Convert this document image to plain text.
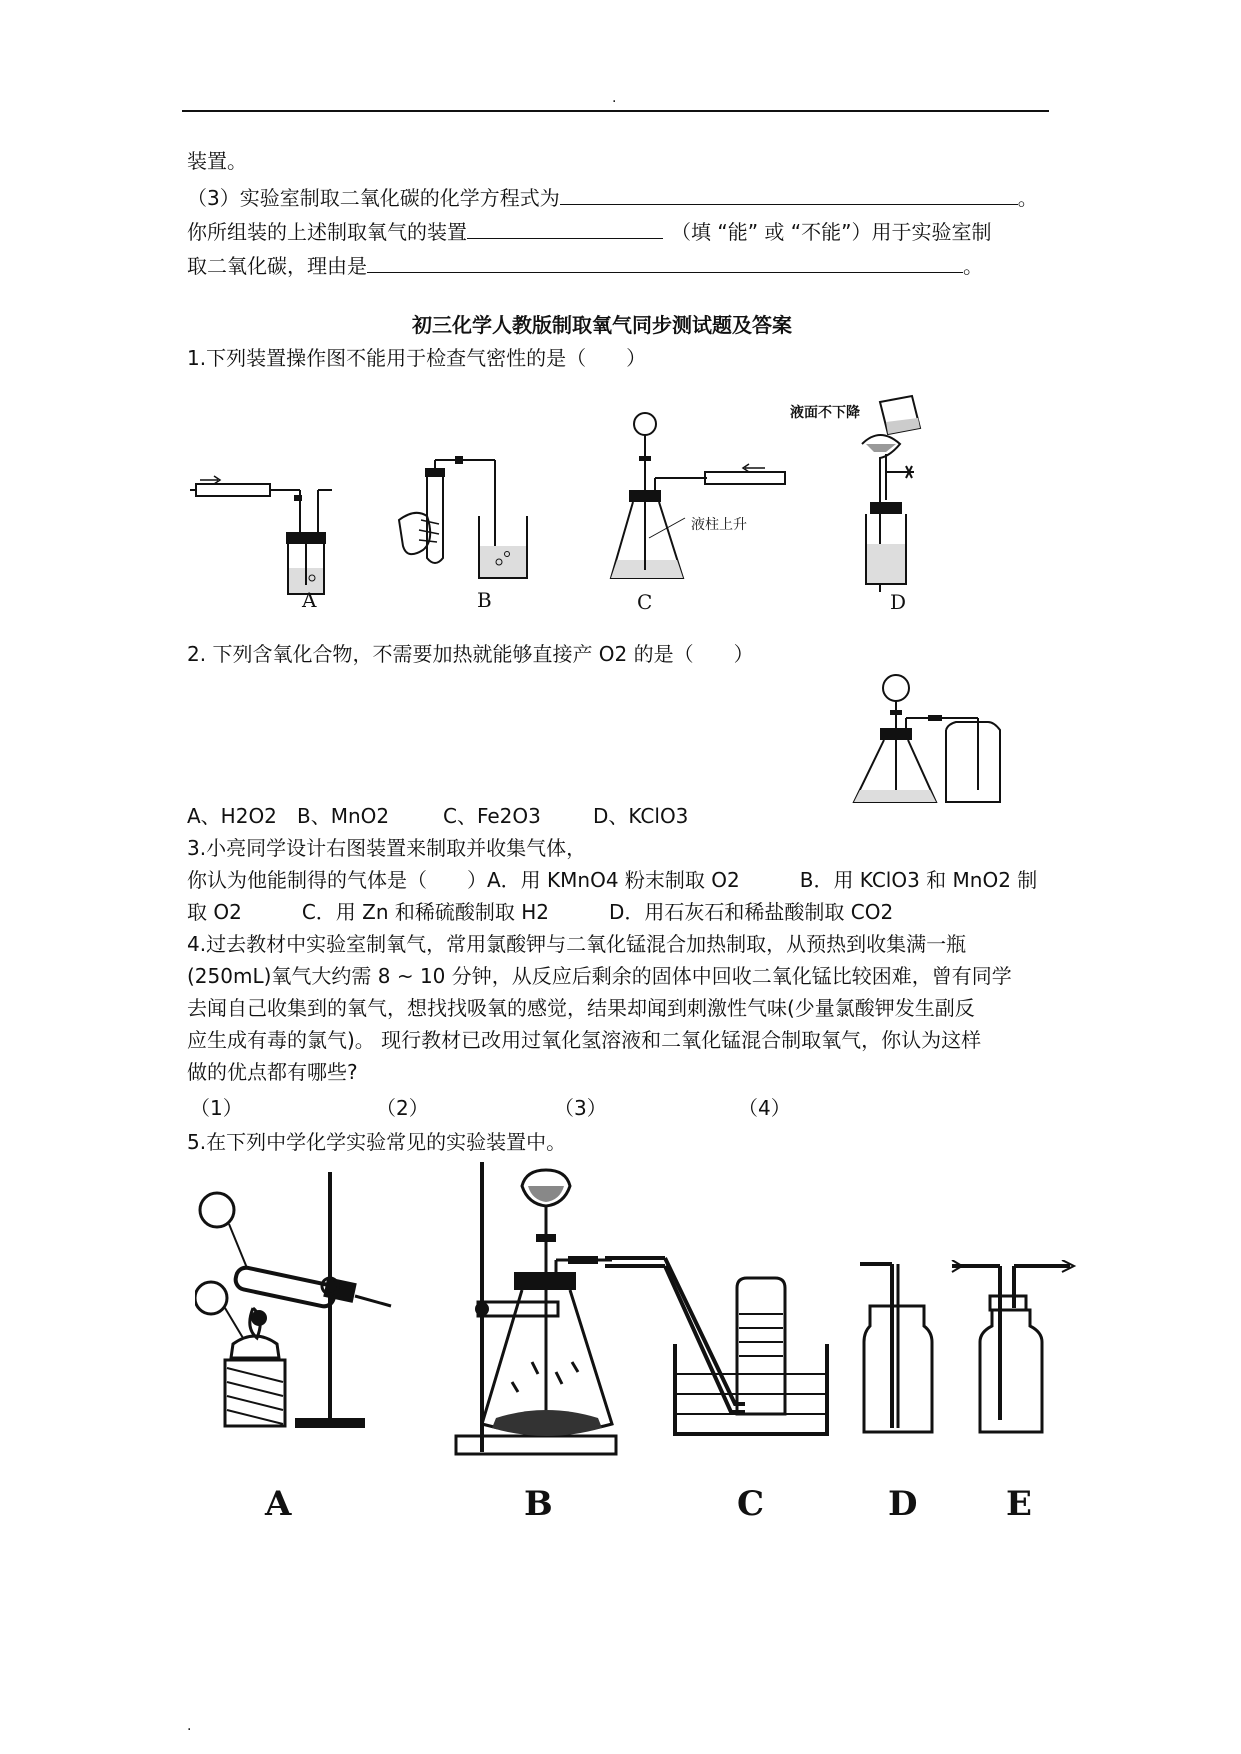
.
装置。
（3）实验室制取二氧化碳的化学方程式为	。
你所组装的上述制取氧气的装置	（填 “能” 或 “不能”）用于实验室制
取二氧化碳，理由是	。
初三化学人教版制取氧气同步测试题及答案
1.下列装置操作图不能用于检查气密性的是（　　）
A	B
液柱上升
C
液面不下降
D
2. 下列含氧化合物，不需要加热就能够直接产 O2 的是（　　）
A、H2O2 B、MnO2	C、Fe2O3	D、KClO3
3.小亮同学设计右图装置来制取并收集气体，
你认为他能制得的气体是（　　）A．用 KMnO4 粉末制取 O2　　　B．用 KClO3 和 MnO2 制
取 O2　　　C．用 Zn 和稀硫酸制取 H2　　　D．用石灰石和稀盐酸制取 CO2
4.过去教材中实验室制氧气，常用氯酸钾与二氧化锰混合加热制取，从预热到收集满一瓶
(250mL)氧气大约需 8 ~ 10 分钟，从反应后剩余的固体中回收二氧化锰比较困难，曾有同学
去闻自己收集到的氧气，想找找吸氧的感觉，结果却闻到刺激性气味(少量氯酸钾发生副反
应生成有毒的氯气)。 现行教材已改用过氧化氢溶液和二氧化锰混合制取氧气，你认为这样
做的优点都有哪些?
（1）	（2）	（3）	（4）
5.在下列中学化学实验常见的实验装置中。
A	B	C	D	E
.
